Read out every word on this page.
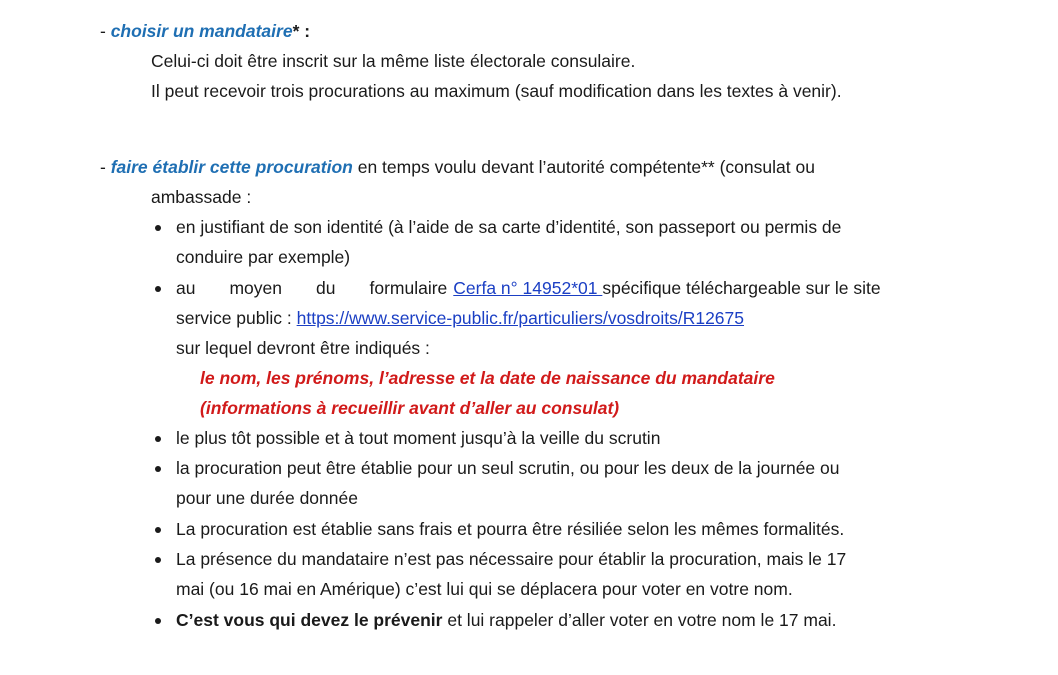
- choisir un mandataire* :
Celui-ci doit être inscrit sur la même liste électorale consulaire.
Il peut recevoir trois procurations au maximum (sauf modification dans les textes à venir).
- faire établir cette procuration en temps voulu devant l’autorité compétente** (consulat ou
ambassade :
en justifiant de son identité (à l’aide de sa carte d’identité, son passeport ou permis de
conduire par exemple)
au moyen du formulaire Cerfa n° 14952*01 spécifique téléchargeable sur le site
service public : https://www.service-public.fr/particuliers/vosdroits/R12675
sur lequel devront être indiqués :
le nom, les prénoms, l’adresse et la date de naissance du mandataire
(informations à recueillir avant d’aller au consulat)
le plus tôt possible et à tout moment jusqu’à la veille du scrutin
la procuration peut être établie pour un seul scrutin, ou pour les deux de la journée ou
pour une durée donnée
La procuration est établie sans frais et pourra être résiliée selon les mêmes formalités.
La présence du mandataire n’est pas nécessaire pour établir la procuration, mais le 17
mai (ou 16 mai en Amérique) c’est lui qui se déplacera pour voter en votre nom.
C’est vous qui devez le prévenir et lui rappeler d’aller voter en votre nom le 17 mai.
